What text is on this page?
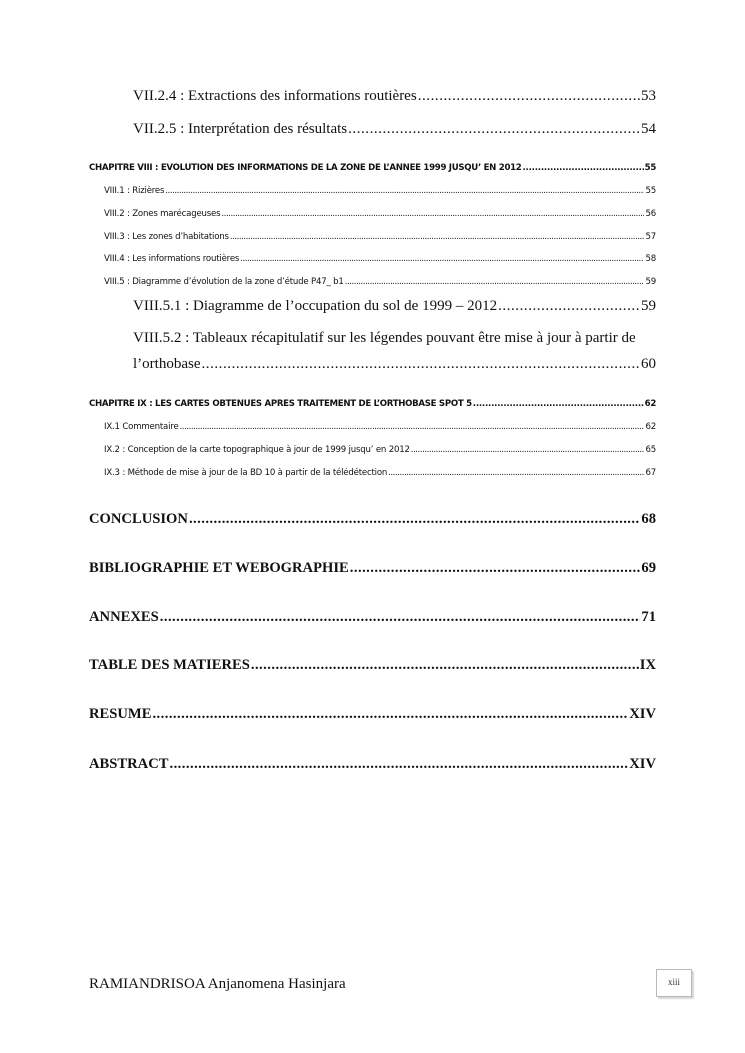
VII.2.4 : Extractions des informations routières . . .	53
VII.2.5 : Interprétation des résultats . . .	54
CHAPITRE VIII : EVOLUTION DES INFORMATIONS DE LA ZONE DE L’ANNEE 1999 JUSQU’ EN 2012 . . .	55
VIII.1 : Rizières . . .	55
VIII.2 : Zones marécageuses . . .	56
VIII.3 : Les zones d’habitations . . .	57
VIII.4 : Les informations routières . . .	58
VIII.5 : Diagramme d’évolution de la zone d’étude P47_ b1 . . .	59
VIII.5.1 : Diagramme de l’occupation du sol de 1999 – 2012 . . .	59
VIII.5.2 : Tableaux récapitulatif sur les légendes pouvant être mise à jour à partir de
l’orthobase . . .	60
CHAPITRE IX : LES CARTES OBTENUES APRES TRAITEMENT DE L’ORTHOBASE SPOT 5 . . .	62
IX.1 Commentaire . . .	62
IX.2 : Conception de la carte topographique à jour de 1999 jusqu’ en 2012 . . .	65
IX.3 : Méthode de mise à jour de la BD 10 à partir de la télédétection . . .	67
CONCLUSION . . .	68
BIBLIOGRAPHIE ET WEBOGRAPHIE . . .	69
ANNEXES . . .	71
TABLE DES MATIERES . . .	IX
RESUME . . .	XIV
ABSTRACT . . .	XIV
RAMIANDRISOA Anjanomena Hasinjara	xiii
